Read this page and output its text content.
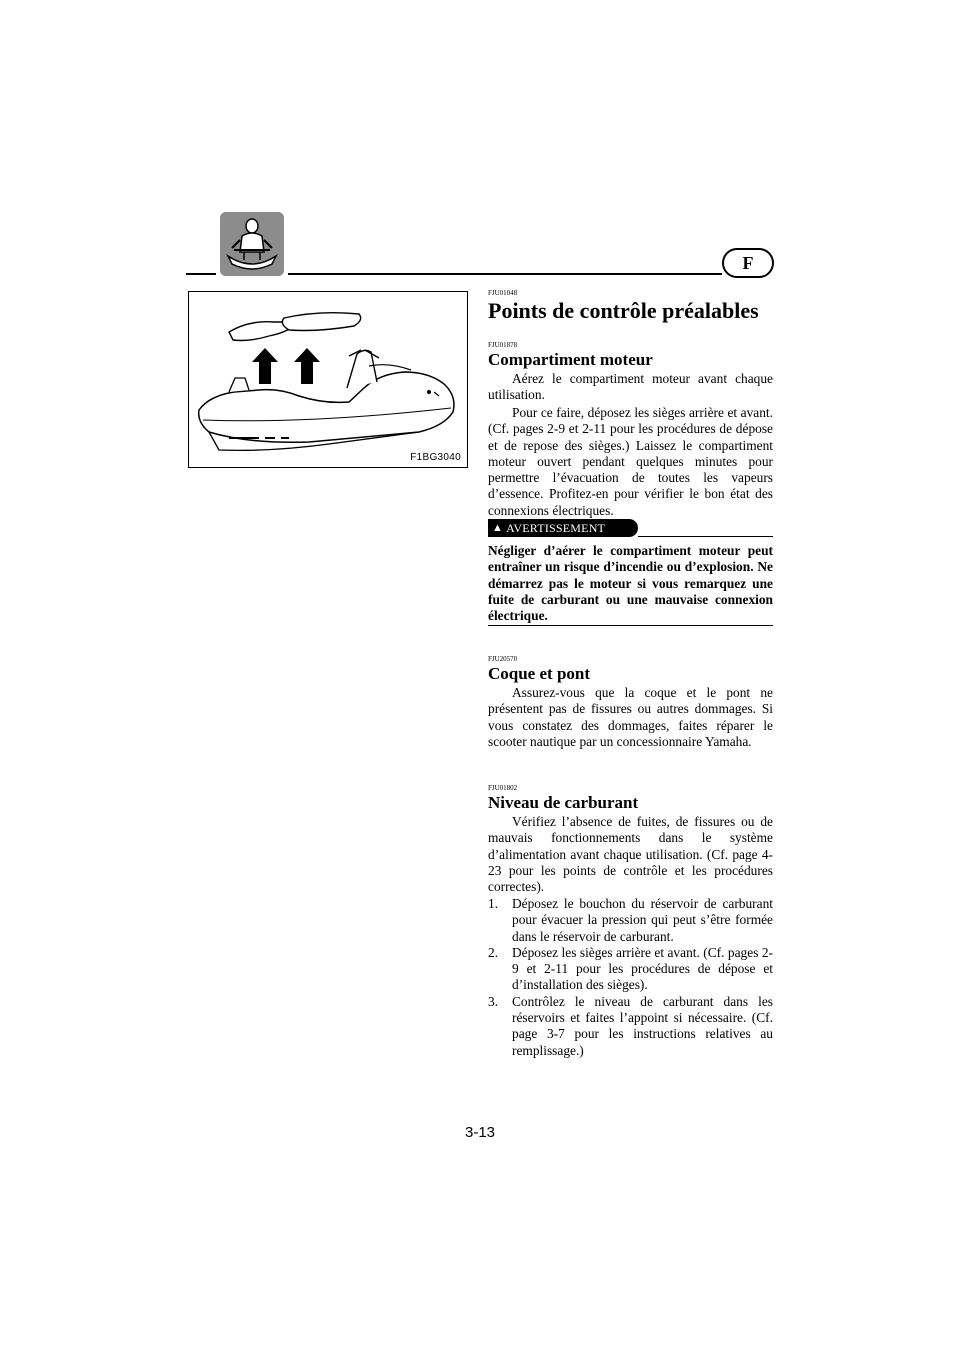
F
F1BG3040
FJU01048
Points de contrôle préalables
FJU01878
Compartiment moteur

Aérez le compartiment moteur avant chaque utilisation.

Pour ce faire, déposez les sièges arrière et avant. (Cf. pages 2-9 et 2-11 pour les procédures de dépose et de repose des sièges.) Laissez le compartiment moteur ouvert pendant quelques minutes pour permettre l’évacuation de toutes les vapeurs d’essence. Profitez-en pour vérifier le bon état des connexions électriques.

▲ AVERTISSEMENT

Négliger d’aérer le compartiment moteur peut entraîner un risque d’incendie ou d’explosion. Ne démarrez pas le moteur si vous remarquez une fuite de carburant ou une mauvaise connexion électrique.

FJU20570
Coque et pont

Assurez-vous que la coque et le pont ne présentent pas de fissures ou autres dommages. Si vous constatez des dommages, faites réparer le scooter nautique par un concessionnaire Yamaha.

FJU01802
Niveau de carburant

Vérifiez l’absence de fuites, de fissures ou de mauvais fonctionnements dans le système d’alimentation avant chaque utilisation. (Cf. page 4-23 pour les points de contrôle et les procédures correctes).

1. Déposez le bouchon du réservoir de carburant pour évacuer la pression qui peut s’être formée dans le réservoir de carburant.
2. Déposez les sièges arrière et avant. (Cf. pages 2-9 et 2-11 pour les procédures de dépose et d’installation des sièges).
3. Contrôlez le niveau de carburant dans les réservoirs et faites l’appoint si nécessaire. (Cf. page 3-7 pour les instructions relatives au remplissage.)
3-13
